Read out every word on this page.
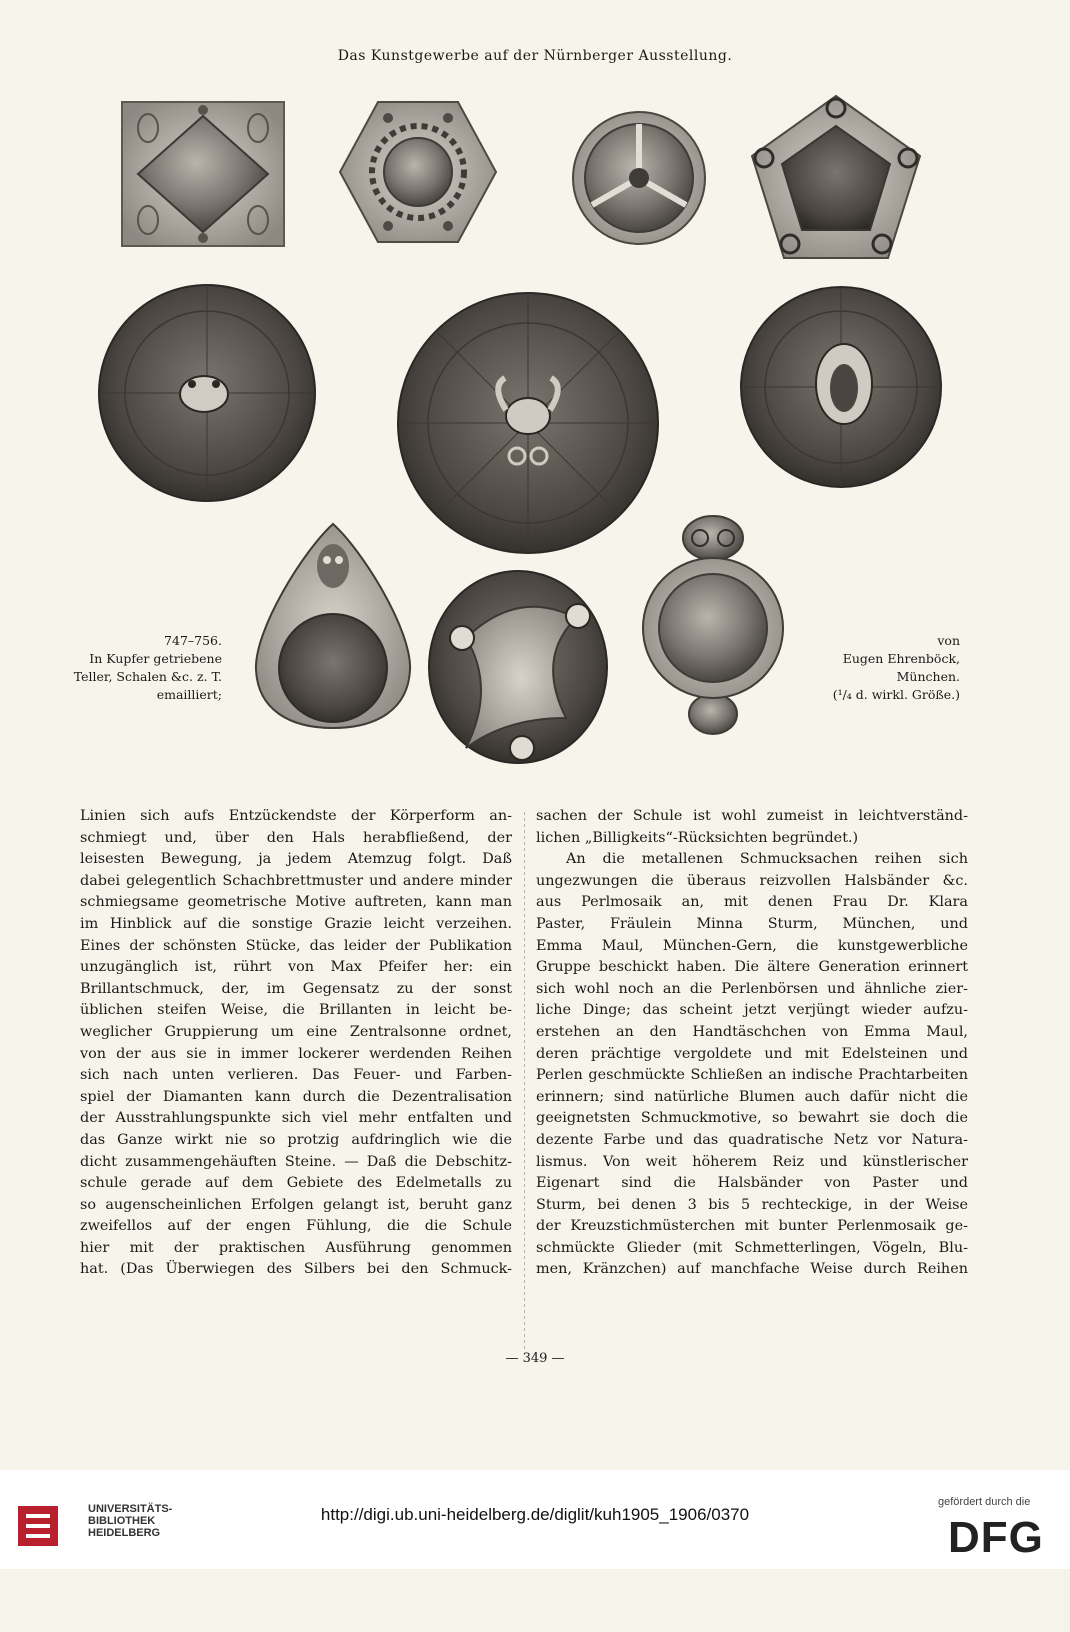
Das Kunstgewerbe auf der Nürnberger Ausstellung.
747–756.
In Kupfer getriebene
Teller, Schalen &c. z. T.
emailliert;
von
Eugen Ehrenböck,
München.
(¹/₄ d. wirkl. Größe.)
Linien sich aufs Entzückendste der Körperform an-
schmiegt und, über den Hals herabfließend, der
leisesten Bewegung, ja jedem Atemzug folgt. Daß
dabei gelegentlich Schachbrettmuster und andere minder
schmiegsame geometrische Motive auftreten, kann man
im Hinblick auf die sonstige Grazie leicht verzeihen.
Eines der schönsten Stücke, das leider der Publikation
unzugänglich ist, rührt von Max Pfeifer her: ein
Brillantschmuck, der, im Gegensatz zu der sonst
üblichen steifen Weise, die Brillanten in leicht be-
weglicher Gruppierung um eine Zentralsonne ordnet,
von der aus sie in immer lockerer werdenden Reihen
sich nach unten verlieren. Das Feuer- und Farben-
spiel der Diamanten kann durch die Dezentralisation
der Ausstrahlungspunkte sich viel mehr entfalten und
das Ganze wirkt nie so protzig aufdringlich wie die
dicht zusammengehäuften Steine. — Daß die Debschitz-
schule gerade auf dem Gebiete des Edelmetalls zu
so augenscheinlichen Erfolgen gelangt ist, beruht ganz
zweifellos auf der engen Fühlung, die die Schule
hier mit der praktischen Ausführung genommen
hat. (Das Überwiegen des Silbers bei den Schmuck-
sachen der Schule ist wohl zumeist in leichtverständ-
lichen „Billigkeits“-Rücksichten begründet.)
An die metallenen Schmucksachen reihen sich
ungezwungen die überaus reizvollen Halsbänder &c.
aus Perlmosaik an, mit denen Frau Dr. Klara
Paster, Fräulein Minna Sturm, München, und
Emma Maul, München-Gern, die kunstgewerbliche
Gruppe beschickt haben. Die ältere Generation erinnert
sich wohl noch an die Perlenbörsen und ähnliche zier-
liche Dinge; das scheint jetzt verjüngt wieder aufzu-
erstehen an den Handtäschchen von Emma Maul,
deren prächtige vergoldete und mit Edelsteinen und
Perlen geschmückte Schließen an indische Prachtarbeiten
erinnern; sind natürliche Blumen auch dafür nicht die
geeignetsten Schmuckmotive, so bewahrt sie doch die
dezente Farbe und das quadratische Netz vor Natura-
lismus. Von weit höherem Reiz und künstlerischer
Eigenart sind die Halsbänder von Paster und
Sturm, bei denen 3 bis 5 rechteckige, in der Weise
der Kreuzstichmüsterchen mit bunter Perlenmosaik ge-
schmückte Glieder (mit Schmetterlingen, Vögeln, Blu-
men, Kränzchen) auf manchfache Weise durch Reihen
— 349 —
UNIVERSITÄTS-
BIBLIOTHEK
HEIDELBERG
http://digi.ub.uni-heidelberg.de/diglit/kuh1905_1906/0370
gefördert durch die
DFG
